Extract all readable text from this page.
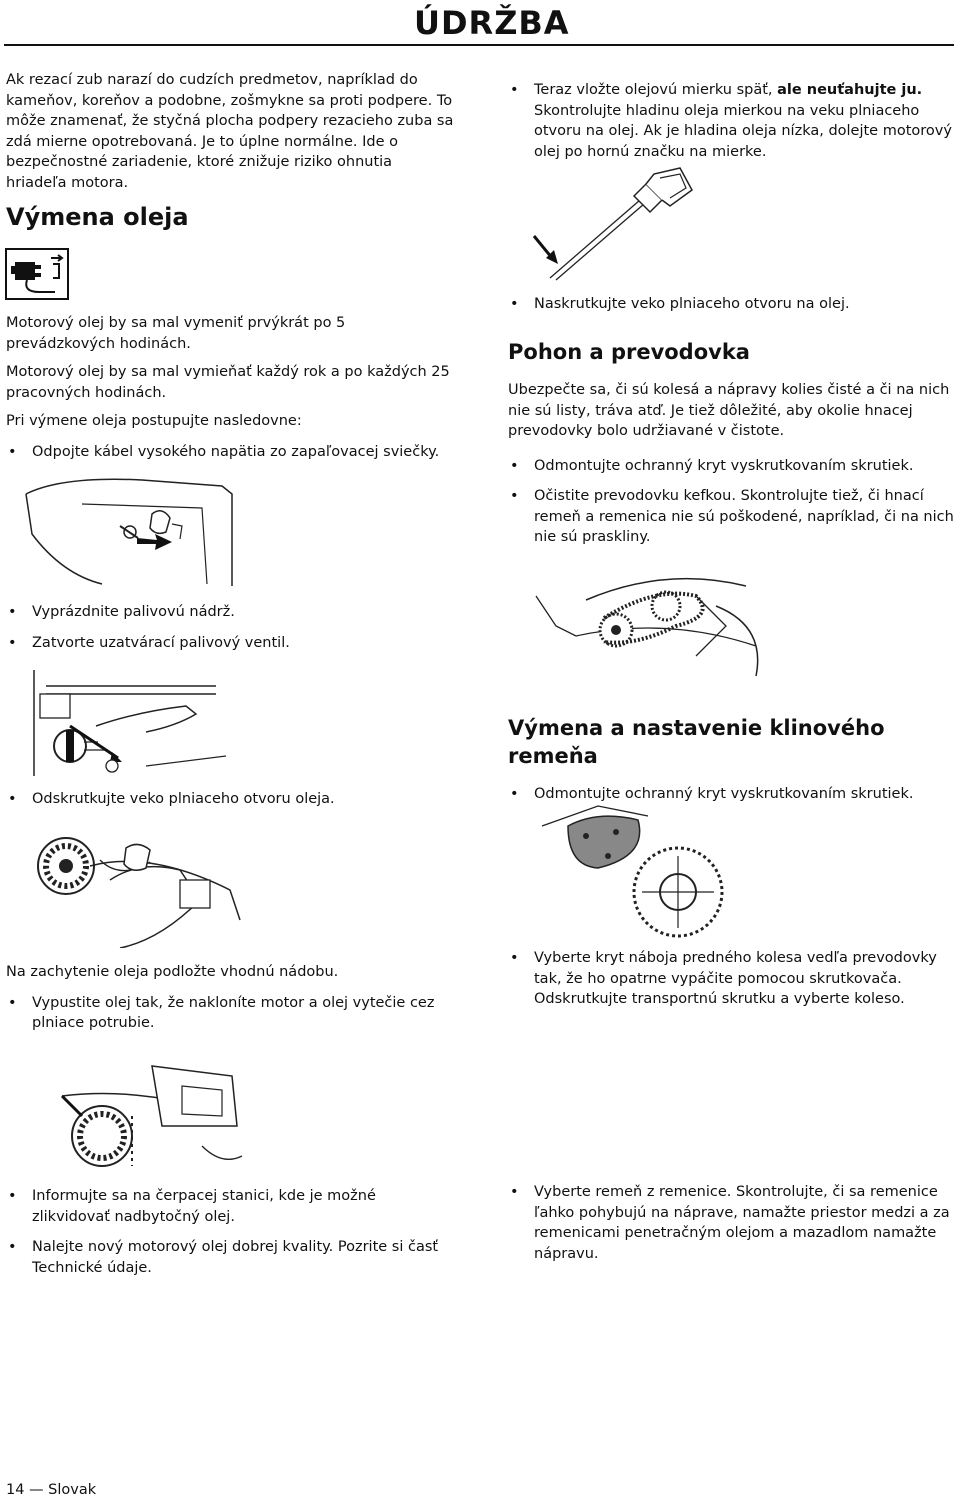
ÚDRŽBA

Ak rezací zub narazí do cudzích predmetov, napríklad do kameňov, koreňov a podobne, zošmykne sa proti podpere. To môže znamenať, že styčná plocha podpery rezacieho zuba sa zdá mierne opotrebovaná. Je to úplne normálne. Ide o bezpečnostné zariadenie, ktoré znižuje riziko ohnutia hriadeľa motora.

Výmena oleja

Motorový olej by sa mal vymeniť prvýkrát po 5 prevádzkových hodinách.

Motorový olej by sa mal vymieňať každý rok a po každých 25 pracovných hodinách.

Pri výmene oleja postupujte nasledovne:

• Odpojte kábel vysokého napätia zo zapaľovacej sviečky.
• Vyprázdnite palivovú nádrž.
• Zatvorte uzatvárací palivový ventil.
• Odskrutkujte veko plniaceho otvoru oleja.

Na zachytenie oleja podložte vhodnú nádobu.

• Vypustite olej tak, že nakloníte motor a olej vytečie cez plniace potrubie.
• Informujte sa na čerpacej stanici, kde je možné zlikvidovať nadbytočný olej.
• Nalejte nový motorový olej dobrej kvality. Pozrite si časť Technické údaje.
• Teraz vložte olejovú mierku späť, ale neuťahujte ju. Skontrolujte hladinu oleja mierkou na veku plniaceho otvoru na olej. Ak je hladina oleja nízka, dolejte motorový olej po hornú značku na mierke.
• Naskrutkujte veko plniaceho otvoru na olej.
Pohon a prevodovka

Ubezpečte sa, či sú kolesá a nápravy kolies čisté a či na nich nie sú listy, tráva atď. Je tiež dôležité, aby okolie hnacej prevodovky bolo udržiavané v čistote.

• Odmontujte ochranný kryt vyskrutkovaním skrutiek.
• Očistite prevodovku kefkou. Skontrolujte tiež, či hnací remeň a remenica nie sú poškodené, napríklad, či na nich nie sú praskliny.
Výmena a nastavenie klinového remeňa
• Odmontujte ochranný kryt vyskrutkovaním skrutiek.
• Vyberte kryt náboja predného kolesa vedľa prevodovky tak, že ho opatrne vypáčite pomocou skrutkovača. Odskrutkujte transportnú skrutku a vyberte koleso.
• Vyberte remeň z remenice. Skontrolujte, či sa remenice ľahko pohybujú na náprave, namažte priestor medzi a za remenicami penetračným olejom a mazadlom namažte nápravu.
14 — Slovak
